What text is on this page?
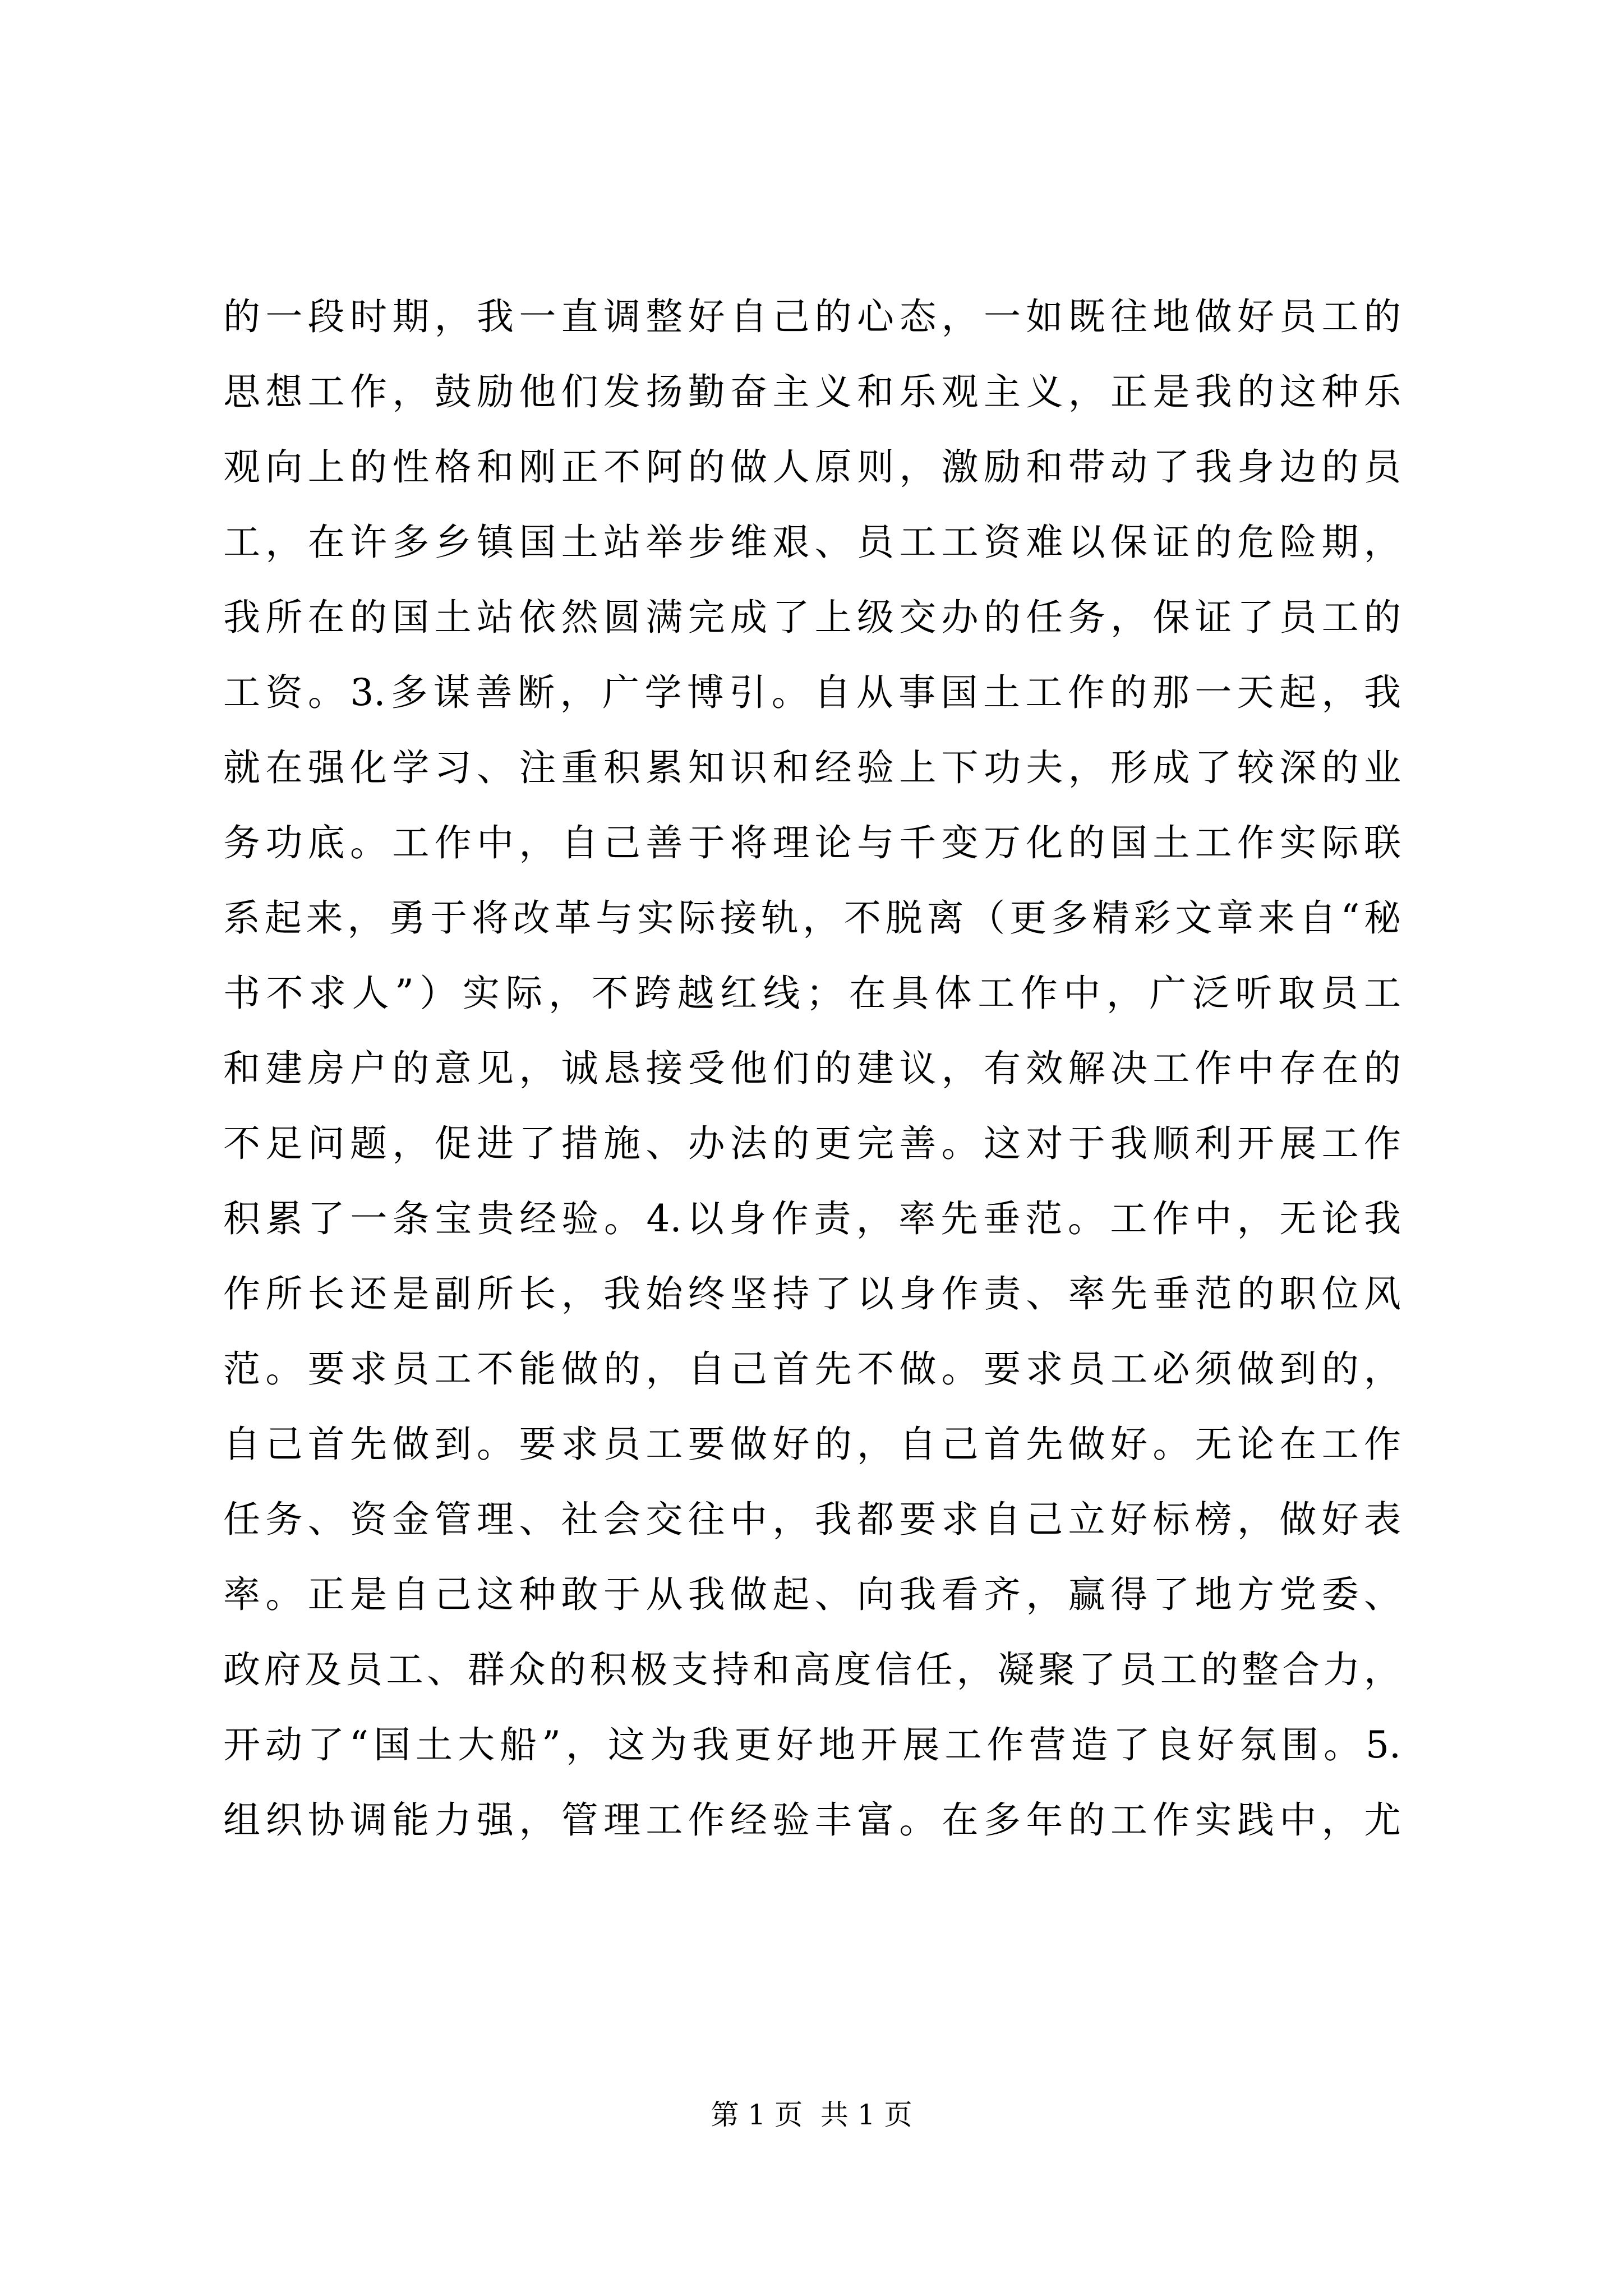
的一段时期，我一直调整好自己的心态，一如既往地做好员工的
思想工作，鼓励他们发扬勤奋主义和乐观主义，正是我的这种乐
观向上的性格和刚正不阿的做人原则，激励和带动了我身边的员
工，在许多乡镇国土站举步维艰、员工工资难以保证的危险期，
我所在的国土站依然圆满完成了上级交办的任务，保证了员工的
工资。3.多谋善断，广学博引。自从事国土工作的那一天起，我
就在强化学习、注重积累知识和经验上下功夫，形成了较深的业
务功底。工作中，自己善于将理论与千变万化的国土工作实际联
系起来，勇于将改革与实际接轨，不脱离（更多精彩文章来自“秘
书不求人”）实际，不跨越红线；在具体工作中，广泛听取员工
和建房户的意见，诚恳接受他们的建议，有效解决工作中存在的
不足问题，促进了措施、办法的更完善。这对于我顺利开展工作
积累了一条宝贵经验。4.以身作责，率先垂范。工作中，无论我
作所长还是副所长，我始终坚持了以身作责、率先垂范的职位风
范。要求员工不能做的，自己首先不做。要求员工必须做到的，
自己首先做到。要求员工要做好的，自己首先做好。无论在工作
任务、资金管理、社会交往中，我都要求自己立好标榜，做好表
率。正是自己这种敢于从我做起、向我看齐，赢得了地方党委、
政府及员工、群众的积极支持和高度信任，凝聚了员工的整合力，
开动了“国土大船”，这为我更好地开展工作营造了良好氛围。5.
组织协调能力强，管理工作经验丰富。在多年的工作实践中，尤
第 1 页  共 1 页
